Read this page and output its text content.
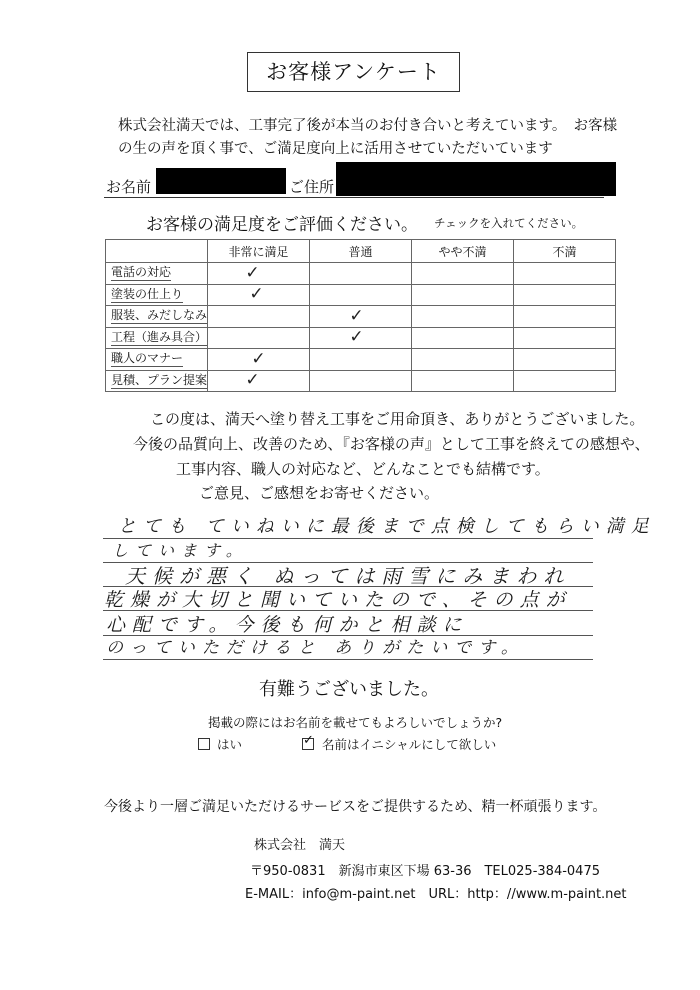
お客様アンケート
株式会社満天では、工事完了後が本当のお付き合いと考えています。　お客様
の生の声を頂く事で、ご満足度向上に活用させていただいています
お名前	ご住所
お客様の満足度をご評価ください。 チェックを入れてください。
	非常に満足	普通	やや不満	不満
電話の対応	✓			
塗装の仕上り	✓			
服装、みだしなみ		✓		
工程（進み具合）		✓		
職人のマナー	✓			
見積、プラン提案	✓			
この度は、満天へ塗り替え工事をご用命頂き、ありがとうございました。
今後の品質向上、改善のため、『お客様の声』として工事を終えての感想や、
工事内容、職人の対応など、どんなことでも結構です。
ご意見、ご感想をお寄せください。
とても ていねいに最後まで点検してもらい満足
しています。
天候が悪く ぬっては雨雪にみまわれ
乾燥が大切と聞いていたので、その点が
心配です。今後も何かと相談に
のっていただけると ありがたいです。
有難うございました。
掲載の際にはお名前を載せてもよろしいでしょうか?
はい	✓ 名前はイニシャルにして欲しい
今後より一層ご満足いただけるサービスをご提供するため、精一杯頑張ります。
株式会社　満天
〒950-0831　新潟市東区下場 63-36　TEL025-384-0475
E-MAIL：info@m-paint.net　URL：http：//www.m-paint.net
